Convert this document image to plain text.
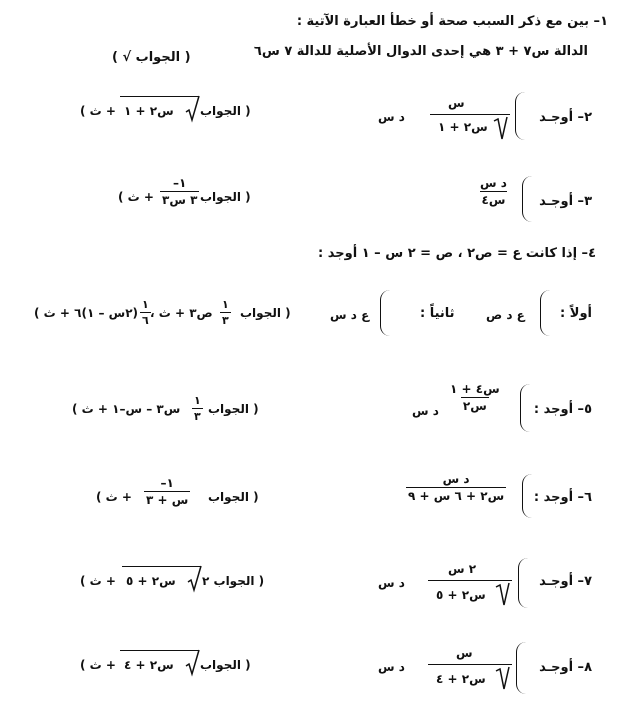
١– بين مع ذكر السبب صحة أو خطأ العبارة الآتية :
الدالة س٧ + ٣ هي إحدى الدوال الأصلية للدالة ٧ س٦
( الجواب √ )
٢– أوجـد
س
س٢ + ١
د س
( الجواب
س٢ + ١
+ ث )
٣– أوجـد
د س
س٤
( الجواب
–١
٣ س٣
+ ث )
٤– إذا كانت ع = ص٢ ، ص = ٢ س – ١ أوجد :
أولاً :
ع د ص
ثانياً :
ع د س
( الجواب
١
٣
ص٣ + ث ،
١
٦
(٢س – ١)٦ + ث )
٥– أوجد :
س٤ + ١
س٢
د س
( الجواب
١
٣
س٣ – س–١ + ث )
٦– أوجد :
د س
س٢ + ٦ س + ٩
( الجواب
–١
س + ٣
+ ث )
٧– أوجـد
٢ س
س٢ + ٥
د س
( الجواب ٢
س٢ + ٥
+ ث )
٨– أوجـد
س
س٢ + ٤
د س
( الجواب
س٢ + ٤
+ ث )
